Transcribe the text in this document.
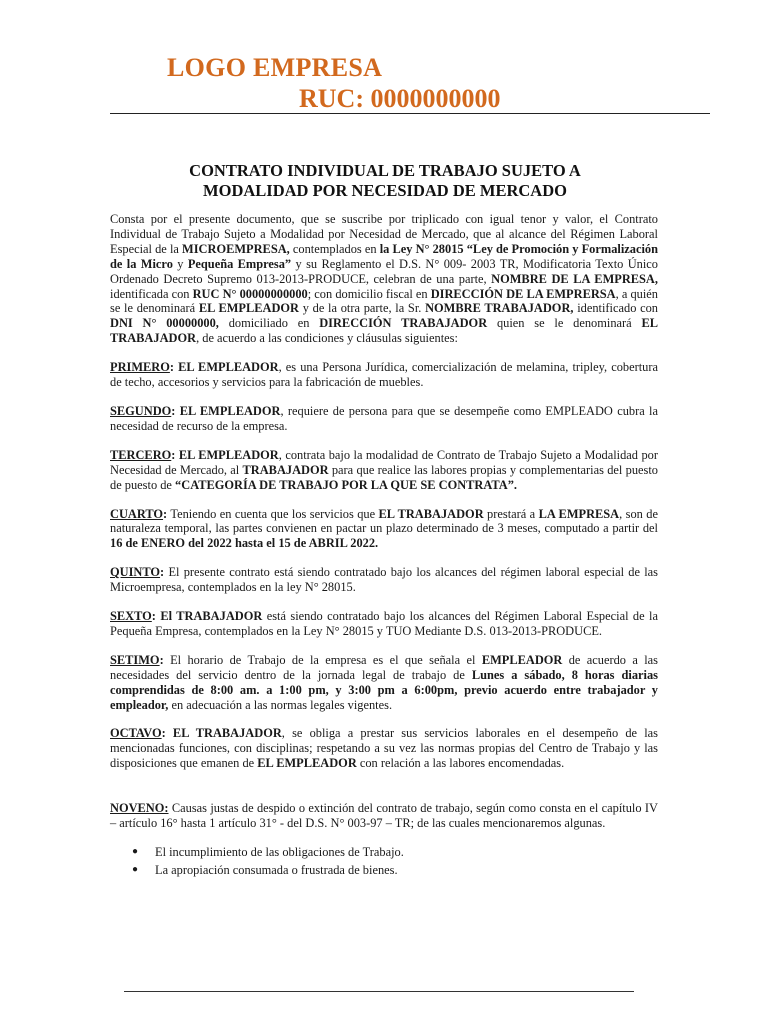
LOGO EMPRESA
RUC: 0000000000
CONTRATO INDIVIDUAL DE TRABAJO SUJETO A
MODALIDAD POR NECESIDAD DE MERCADO

Consta por el presente documento, que se suscribe por triplicado con igual tenor y valor, el Contrato Individual de Trabajo Sujeto a Modalidad por Necesidad de Mercado, que al alcance del Régimen Laboral Especial de la MICROEMPRESA, contemplados en la Ley N° 28015 “Ley de Promoción y Formalización de la Micro y Pequeña Empresa” y su Reglamento el D.S. N° 009- 2003 TR, Modificatoria Texto Único Ordenado Decreto Supremo 013-2013-PRODUCE, celebran de una parte, NOMBRE DE LA EMPRESA, identificada con RUC N° 00000000000; con domicilio fiscal en DIRECCIÓN DE LA EMPRERSA, a quién se le denominará EL EMPLEADOR y de la otra parte, la Sr. NOMBRE TRABAJADOR, identificado con DNI N° 00000000, domiciliado en DIRECCIÓN TRABAJADOR quien se le denominará EL TRABAJADOR, de acuerdo a las condiciones y cláusulas siguientes:

PRIMERO: EL EMPLEADOR, es una Persona Jurídica, comercialización de melamina, tripley, cobertura de techo, accesorios y servicios para la fabricación de muebles.

SEGUNDO: EL EMPLEADOR, requiere de persona para que se desempeñe como EMPLEADO cubra la necesidad de recurso de la empresa.

TERCERO: EL EMPLEADOR, contrata bajo la modalidad de Contrato de Trabajo Sujeto a Modalidad por Necesidad de Mercado, al TRABAJADOR para que realice las labores propias y complementarias del puesto de puesto de “CATEGORÍA DE TRABAJO POR LA QUE SE CONTRATA”.

CUARTO: Teniendo en cuenta que los servicios que EL TRABAJADOR prestará a LA EMPRESA, son de naturaleza temporal, las partes convienen en pactar un plazo determinado de 3 meses, computado a partir del 16 de ENERO del 2022 hasta el 15 de ABRIL 2022.

QUINTO: El presente contrato está siendo contratado bajo los alcances del régimen laboral especial de las Microempresa, contemplados en la ley N° 28015.

SEXTO: El TRABAJADOR está siendo contratado bajo los alcances del Régimen Laboral Especial de la Pequeña Empresa, contemplados en la Ley N° 28015 y TUO Mediante D.S. 013-2013-PRODUCE.

SETIMO: El horario de Trabajo de la empresa es el que señala el EMPLEADOR de acuerdo a las necesidades del servicio dentro de la jornada legal de trabajo de Lunes a sábado, 8 horas diarias comprendidas de 8:00 am. a 1:00 pm, y 3:00 pm a 6:00pm, previo acuerdo entre trabajador y empleador, en adecuación a las normas legales vigentes.

OCTAVO: EL TRABAJADOR, se obliga a prestar sus servicios laborales en el desempeño de las mencionadas funciones, con disciplinas; respetando a su vez las normas propias del Centro de Trabajo y las disposiciones que emanen de EL EMPLEADOR con relación a las labores encomendadas.

NOVENO: Causas justas de despido o extinción del contrato de trabajo, según como consta en el capítulo IV – artículo 16° hasta 1 artículo 31° - del D.S. N° 003-97 – TR; de las cuales mencionaremos algunas.

● El incumplimiento de las obligaciones de Trabajo.
● La apropiación consumada o frustrada de bienes.
